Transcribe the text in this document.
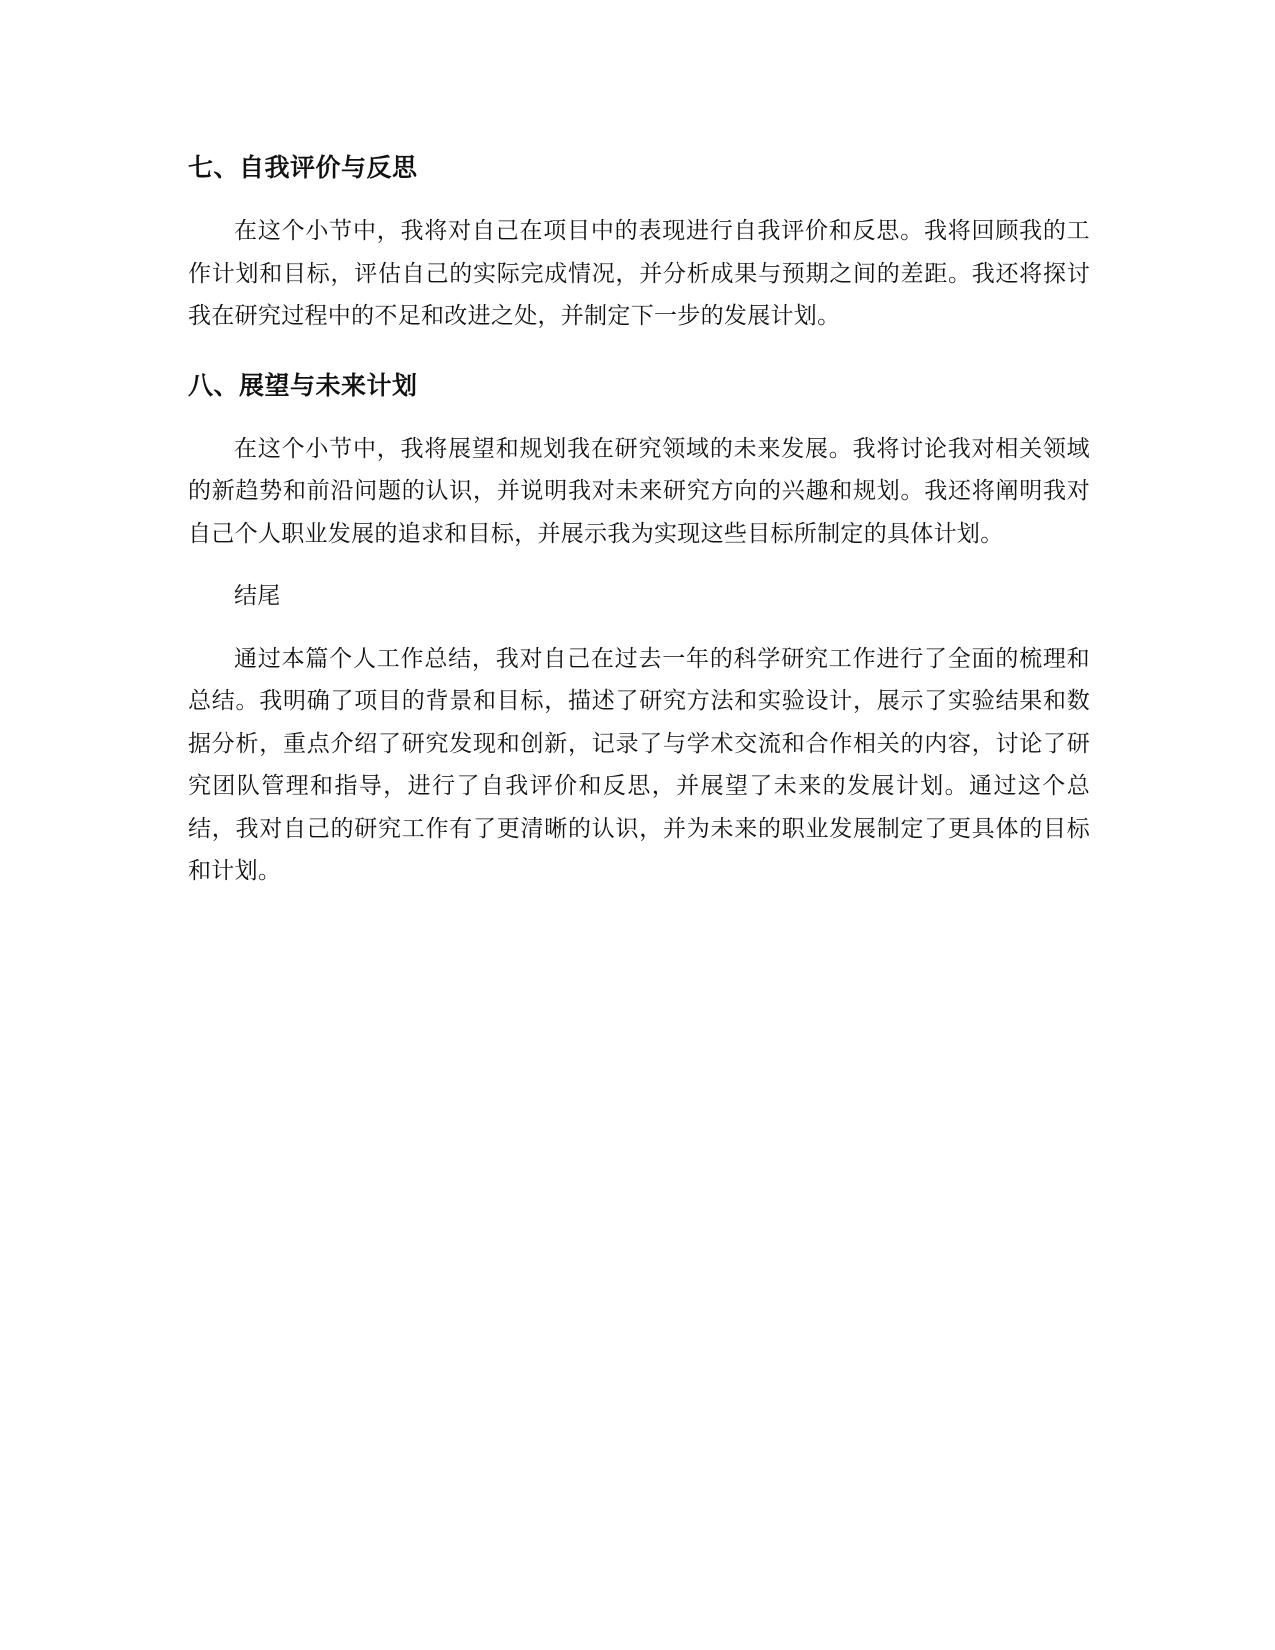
七、自我评价与反思

在这个小节中，我将对自己在项目中的表现进行自我评价和反思。我将回顾我的工作计划和目标，评估自己的实际完成情况，并分析成果与预期之间的差距。我还将探讨我在研究过程中的不足和改进之处，并制定下一步的发展计划。

八、展望与未来计划

在这个小节中，我将展望和规划我在研究领域的未来发展。我将讨论我对相关领域的新趋势和前沿问题的认识，并说明我对未来研究方向的兴趣和规划。我还将阐明我对自己个人职业发展的追求和目标，并展示我为实现这些目标所制定的具体计划。

结尾

通过本篇个人工作总结，我对自己在过去一年的科学研究工作进行了全面的梳理和总结。我明确了项目的背景和目标，描述了研究方法和实验设计，展示了实验结果和数据分析，重点介绍了研究发现和创新，记录了与学术交流和合作相关的内容，讨论了研究团队管理和指导，进行了自我评价和反思，并展望了未来的发展计划。通过这个总结，我对自己的研究工作有了更清晰的认识，并为未来的职业发展制定了更具体的目标和计划。
